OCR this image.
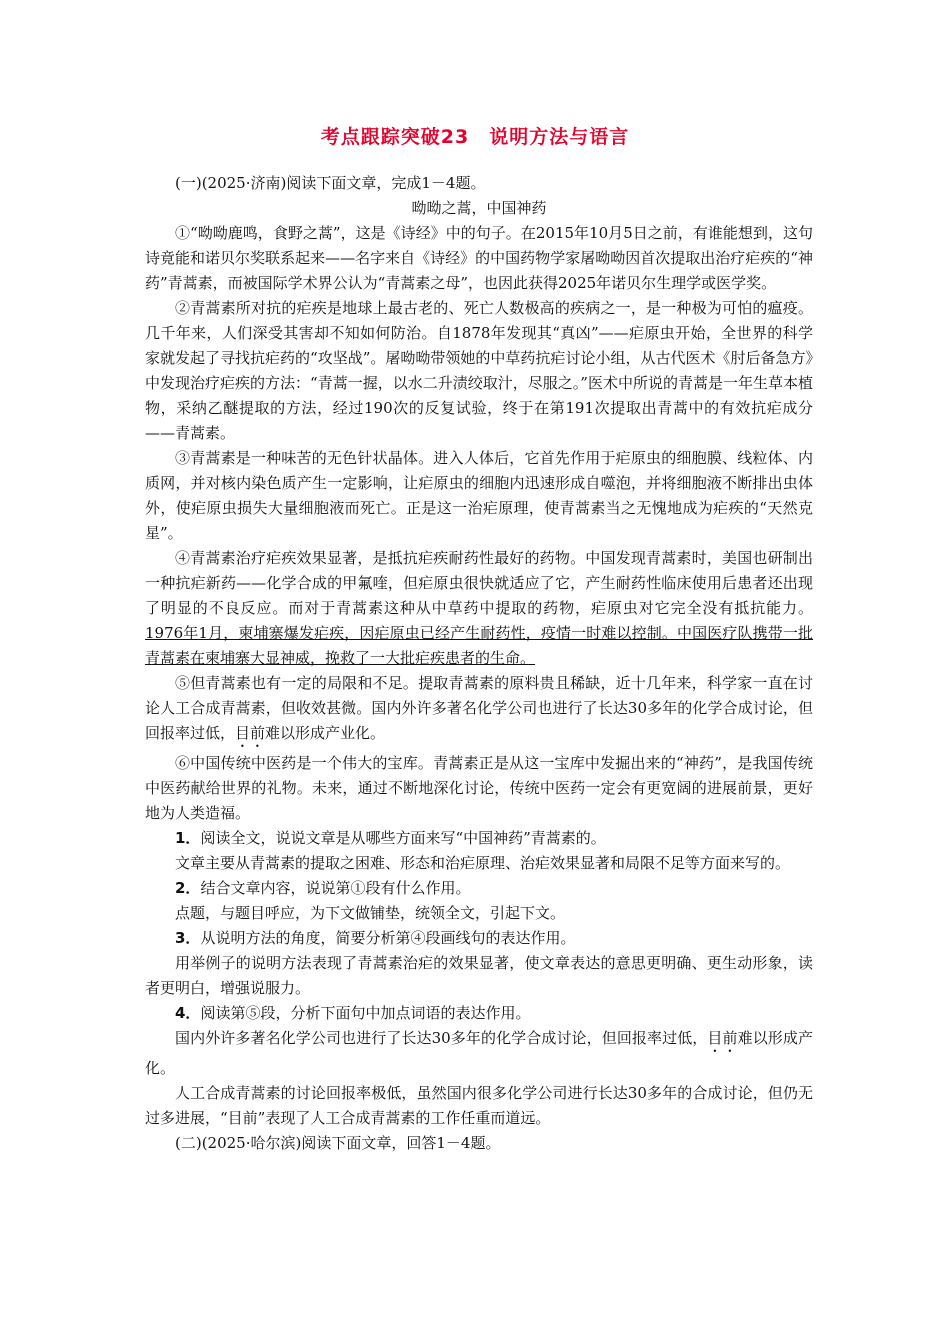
考点跟踪突破23　说明方法与语言

(一)(2025·济南)阅读下面文章，完成1－4题。

呦呦之蒿，中国神药

①“呦呦鹿鸣，食野之蒿”，这是《诗经》中的句子。在2015年10月5日之前，有谁能想到，这句诗竟能和诺贝尔奖联系起来——名字来自《诗经》的中国药物学家屠呦呦因首次提取出治疗疟疾的“神药”青蒿素，而被国际学术界公认为“青蒿素之母”，也因此获得2025年诺贝尔生理学或医学奖。

②青蒿素所对抗的疟疾是地球上最古老的、死亡人数极高的疾病之一，是一种极为可怕的瘟疫。几千年来，人们深受其害却不知如何防治。自1878年发现其“真凶”——疟原虫开始，全世界的科学家就发起了寻找抗疟药的“攻坚战”。屠呦呦带领她的中草药抗疟讨论小组，从古代医术《肘后备急方》中发现治疗疟疾的方法：“青蒿一握，以水二升渍绞取汁，尽服之。”医术中所说的青蒿是一年生草本植物，采纳乙醚提取的方法，经过190次的反复试验，终于在第191次提取出青蒿中的有效抗疟成分——青蒿素。

③青蒿素是一种味苦的无色针状晶体。进入人体后，它首先作用于疟原虫的细胞膜、线粒体、内质网，并对核内染色质产生一定影响，让疟原虫的细胞内迅速形成自噬泡，并将细胞液不断排出虫体外，使疟原虫损失大量细胞液而死亡。正是这一治疟原理，使青蒿素当之无愧地成为疟疾的“天然克星”。

④青蒿素治疗疟疾效果显著，是抵抗疟疾耐药性最好的药物。中国发现青蒿素时，美国也研制出一种抗疟新药——化学合成的甲氟喹，但疟原虫很快就适应了它，产生耐药性临床使用后患者还出现了明显的不良反应。而对于青蒿素这种从中草药中提取的药物，疟原虫对它完全没有抵抗能力。1976年1月，柬埔寨爆发疟疾，因疟原虫已经产生耐药性，疫情一时难以控制。中国医疗队携带一批青蒿素在柬埔寨大显神威，挽救了一大批疟疾患者的生命。

⑤但青蒿素也有一定的局限和不足。提取青蒿素的原料贵且稀缺，近十几年来，科学家一直在讨论人工合成青蒿素，但收效甚微。国内外许多著名化学公司也进行了长达30多年的化学合成讨论，但回报率过低，目前难以形成产业化。

⑥中国传统中医药是一个伟大的宝库。青蒿素正是从这一宝库中发掘出来的“神药”，是我国传统中医药献给世界的礼物。未来，通过不断地深化讨论，传统中医药一定会有更宽阔的进展前景，更好地为人类造福。

1．阅读全文，说说文章是从哪些方面来写“中国神药”青蒿素的。

文章主要从青蒿素的提取之困难、形态和治疟原理、治疟效果显著和局限不足等方面来写的。

2．结合文章内容，说说第①段有什么作用。

点题，与题目呼应，为下文做铺垫，统领全文，引起下文。

3．从说明方法的角度，简要分析第④段画线句的表达作用。

用举例子的说明方法表现了青蒿素治疟的效果显著，使文章表达的意思更明确、更生动形象，读者更明白，增强说服力。

4．阅读第⑤段，分析下面句中加点词语的表达作用。

国内外许多著名化学公司也进行了长达30多年的化学合成讨论，但回报率过低，目前难以形成产化。

人工合成青蒿素的讨论回报率极低，虽然国内很多化学公司进行长达30多年的合成讨论，但仍无过多进展，“目前”表现了人工合成青蒿素的工作任重而道远。

(二)(2025·哈尔滨)阅读下面文章，回答1－4题。
